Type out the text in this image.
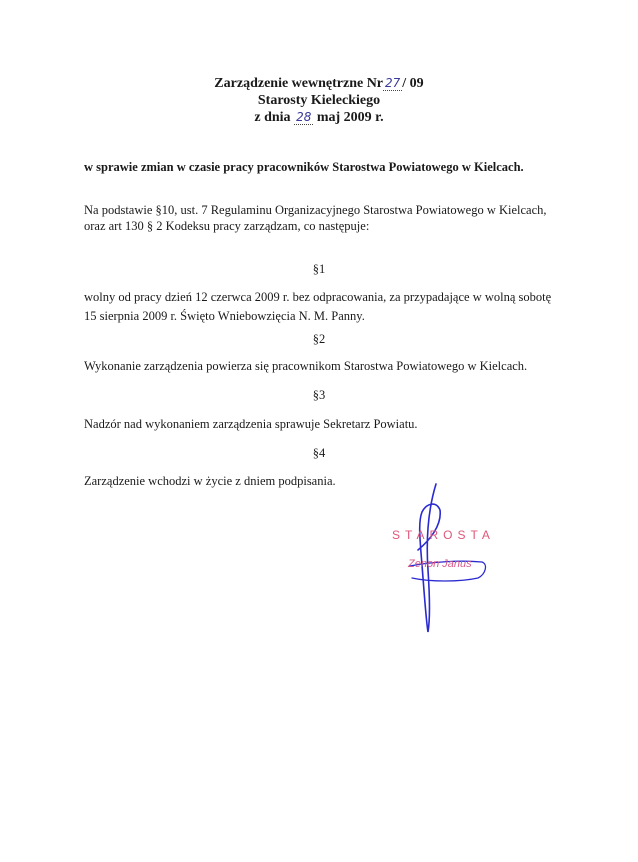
Zarządzenie wewnętrzne Nr 27 / 09
Starosty Kieleckiego
z dnia 28 maj 2009 r.
w sprawie zmian w czasie pracy pracowników Starostwa Powiatowego w Kielcach.
Na podstawie §10, ust. 7 Regulaminu Organizacyjnego Starostwa Powiatowego w Kielcach,
oraz art 130 § 2 Kodeksu pracy zarządzam, co następuje:
§1
wolny od pracy dzień 12 czerwca 2009 r. bez odpracowania, za przypadające w wolną sobotę
15 sierpnia 2009 r. Święto Wniebowzięcia N. M. Panny.
§2
Wykonanie zarządzenia powierza się pracownikom Starostwa Powiatowego w Kielcach.
§3
Nadzór nad wykonaniem zarządzenia sprawuje Sekretarz Powiatu.
§4
Zarządzenie wchodzi w życie z dniem podpisania.
STAROSTA
Zenon Janus
